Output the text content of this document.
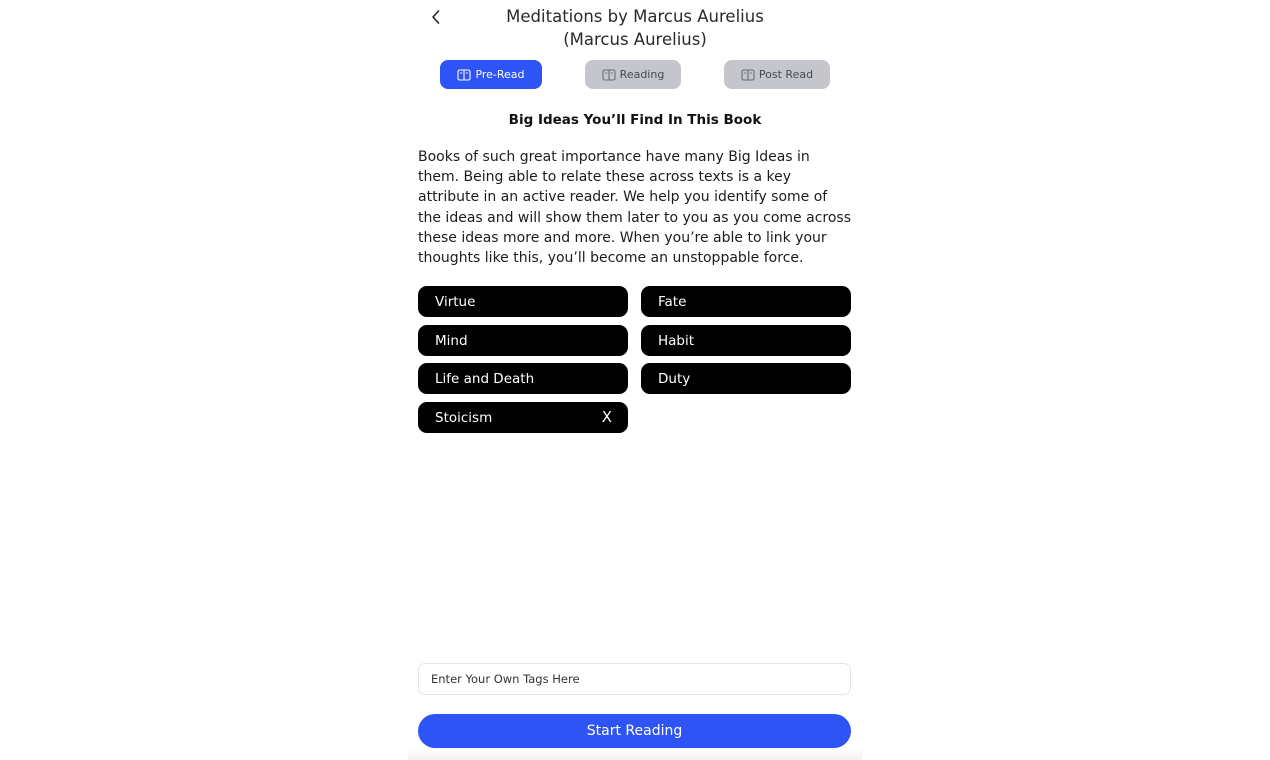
Meditations by Marcus Aurelius
(Marcus Aurelius)
Pre-Read	Reading	Post Read
Big Ideas You’ll Find In This Book
Books of such great importance have many Big Ideas in them. Being able to relate these across texts is a key attribute in an active reader. We help you identify some of the ideas and will show them later to you as you come across these ideas more and more. When you’re able to link your thoughts like this, you’ll become an unstoppable force.
Virtue	Fate
Mind	Habit
Life and Death	Duty
Stoicism	X
Enter Your Own Tags Here
Start Reading
